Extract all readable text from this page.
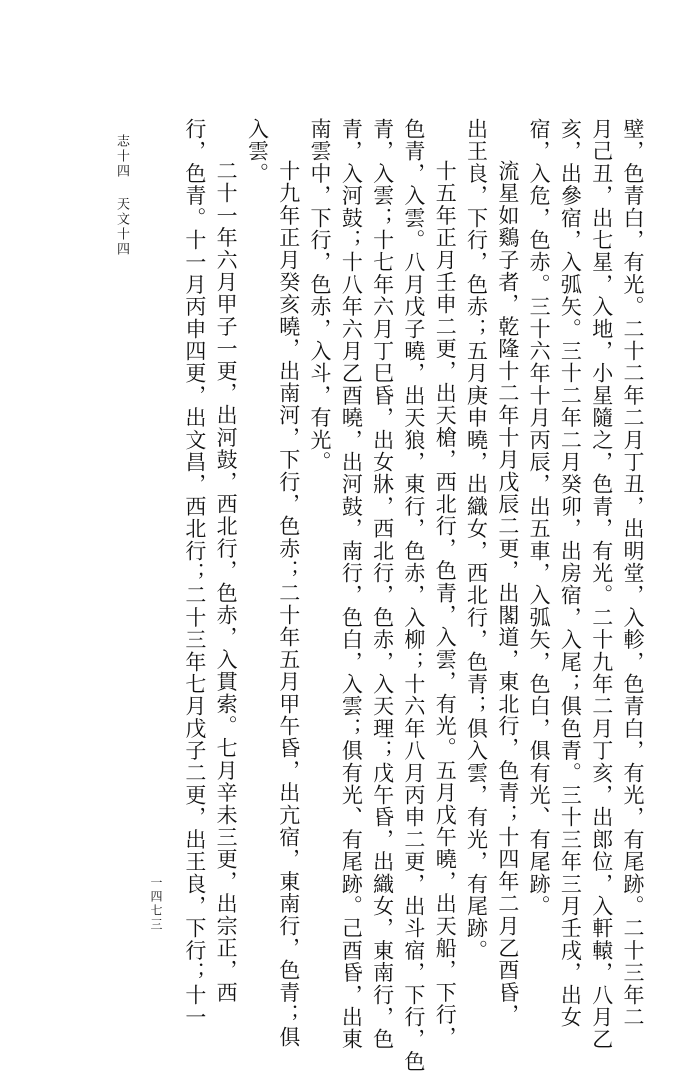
壁，色青白，有光。二十二年二月丁丑，出明堂，入軫，色青白，有光，有尾跡。二十三年二
月己丑，出七星，入地，小星隨之，色青，有光。二十九年二月丁亥，出郎位，入軒轅，八月乙
亥，出參宿，入弧矢。三十二年二月癸卯，出房宿，入尾；俱色青。三十三年三月壬戌，出女
宿，入危，色赤。三十六年十月丙辰，出五車，入弧矢，色白，俱有光、有尾跡。
流星如鷄子者，乾隆十二年十月戊辰二更，出閣道，東北行，色青；十四年二月乙酉昏，
出王良，下行，色赤；五月庚申曉，出織女，西北行，色青；俱入雲，有光，有尾跡。
十五年正月壬申二更，出天槍，西北行，色青，入雲，有光。五月戊午曉，出天船，下行，
色青，入雲。八月戊子曉，出天狼，東行，色赤，入柳；十六年八月丙申二更，出斗宿，下行，色
青，入雲；十七年六月丁巳昏，出女牀，西北行，色赤，入天理；戊午昏，出織女，東南行，色
青，入河鼓；十八年六月乙酉曉，出河鼓，南行，色白，入雲；俱有光、有尾跡。己酉昏，出東
南雲中，下行，色赤，入斗，有光。
十九年正月癸亥曉，出南河，下行，色赤；二十年五月甲午昏，出亢宿，東南行，色青；俱
入雲。
二十一年六月甲子一更，出河鼓，西北行，色赤，入貫索。七月辛未三更，出宗正，西
行，色青。十一月丙申四更，出文昌，西北行；二十三年七月戊子二更，出王良，下行；十一
志十四天文十四
一四七三
